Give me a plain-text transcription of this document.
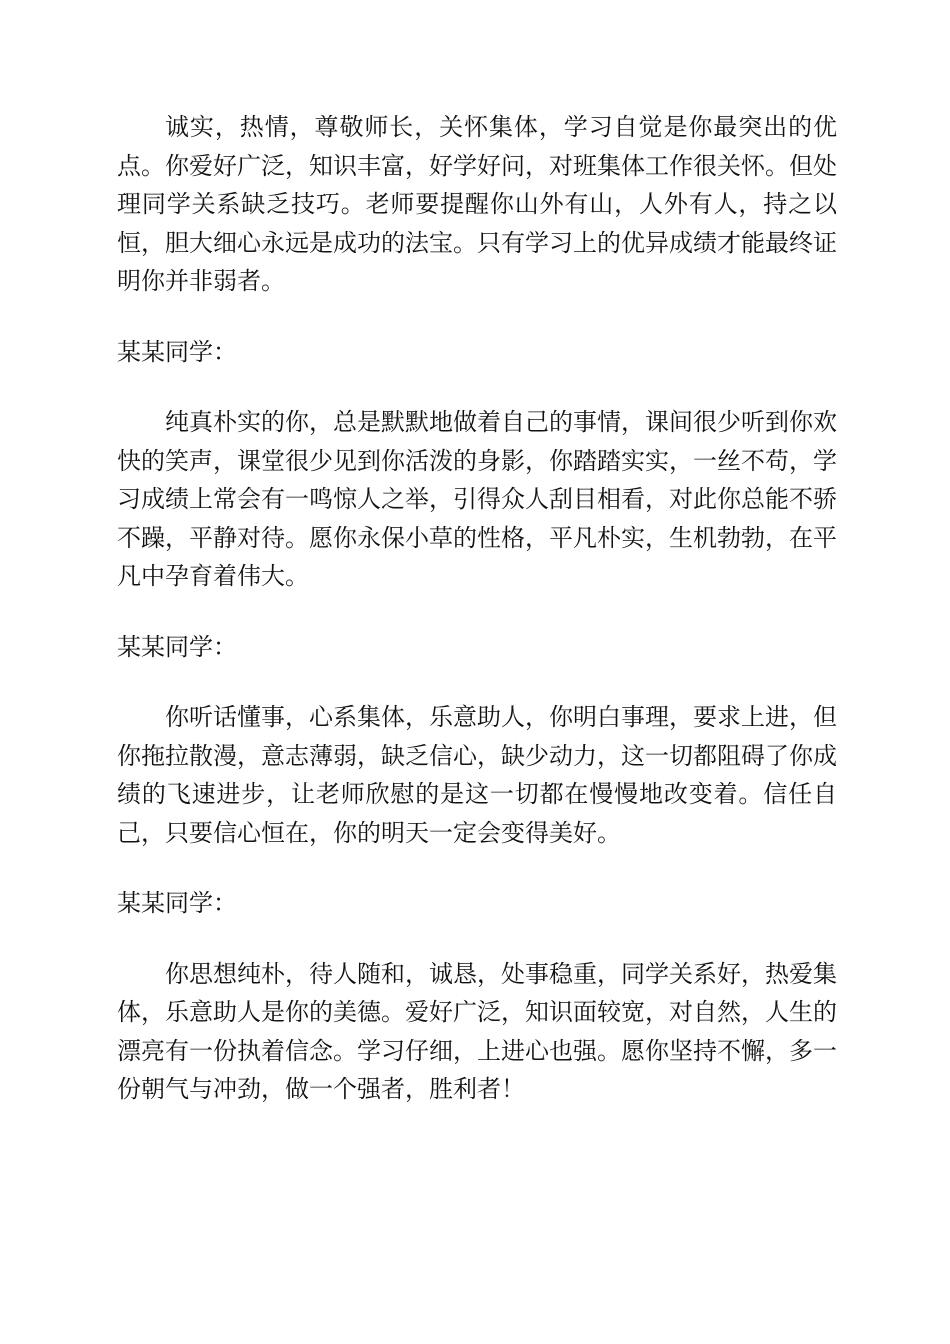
诚实，热情，尊敬师长，关怀集体，学习自觉是你最突出的优点。你爱好广泛，知识丰富，好学好问，对班集体工作很关怀。但处理同学关系缺乏技巧。老师要提醒你山外有山，人外有人，持之以恒，胆大细心永远是成功的法宝。只有学习上的优异成绩才能最终证明你并非弱者。

某某同学：

纯真朴实的你，总是默默地做着自己的事情，课间很少听到你欢快的笑声，课堂很少见到你活泼的身影，你踏踏实实，一丝不苟，学习成绩上常会有一鸣惊人之举，引得众人刮目相看，对此你总能不骄不躁，平静对待。愿你永保小草的性格，平凡朴实，生机勃勃，在平凡中孕育着伟大。

某某同学：

你听话懂事，心系集体，乐意助人，你明白事理，要求上进，但你拖拉散漫，意志薄弱，缺乏信心，缺少动力，这一切都阻碍了你成绩的飞速进步，让老师欣慰的是这一切都在慢慢地改变着。信任自己，只要信心恒在，你的明天一定会变得美好。

某某同学：

你思想纯朴，待人随和，诚恳，处事稳重，同学关系好，热爱集体，乐意助人是你的美德。爱好广泛，知识面较宽，对自然，人生的漂亮有一份执着信念。学习仔细，上进心也强。愿你坚持不懈，多一份朝气与冲劲，做一个强者，胜利者！
